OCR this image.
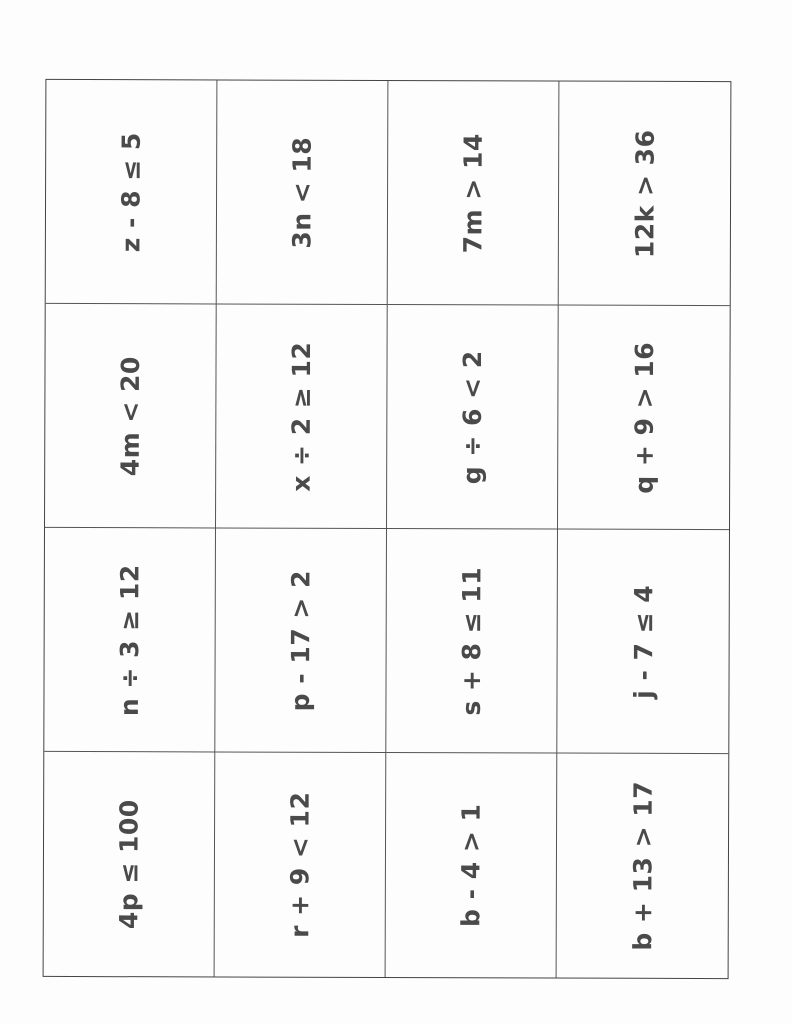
z - 8 ≤ 5	3n < 18	7m > 14	12k > 36
4m < 20	x ÷ 2 ≥ 12	g ÷ 6 < 2	q + 9 > 16
n ÷ 3 ≥ 12	p - 17 > 2	s + 8 ≤ 11	j - 7 ≤ 4
4p ≤ 100	r + 9 < 12	b - 4 > 1	b + 13 > 17
